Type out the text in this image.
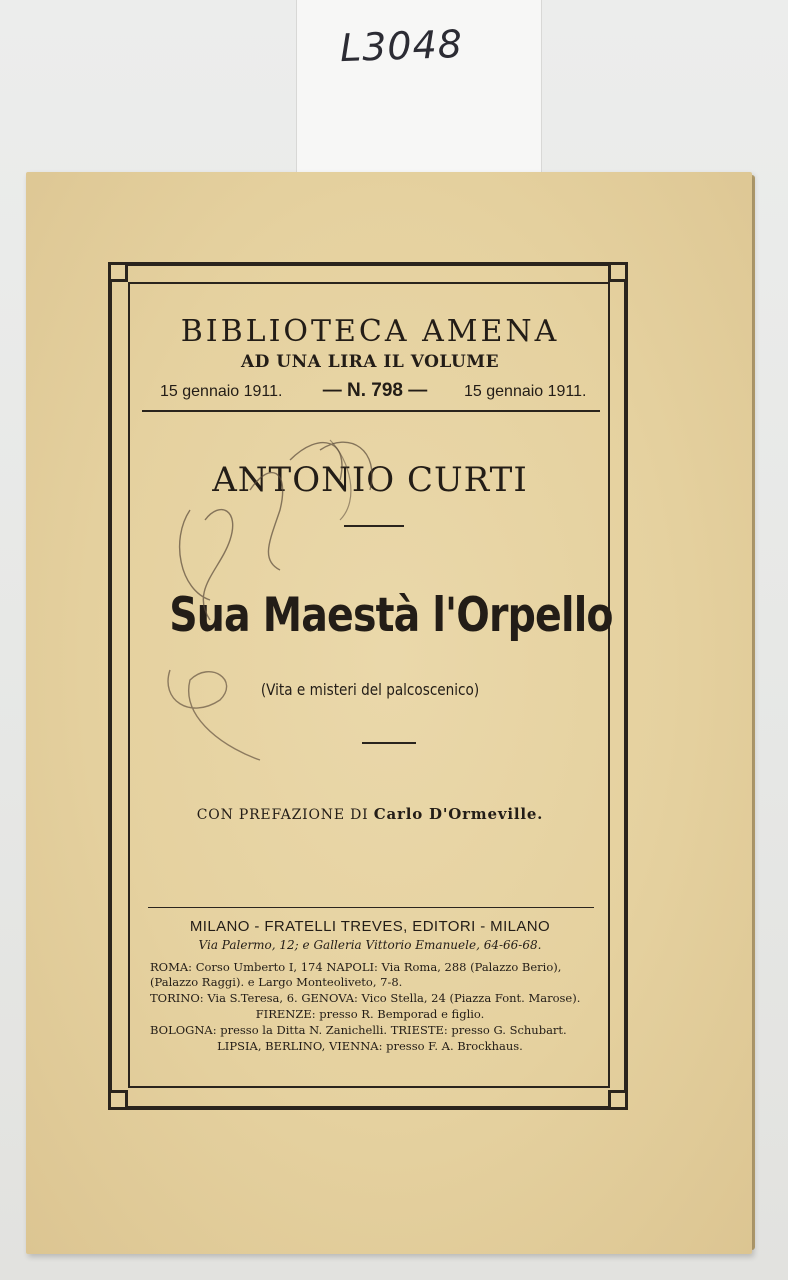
L3048
BIBLIOTECA AMENA
AD UNA LIRA IL VOLUME
15 gennaio 1911.	— N. 798 —	15 gennaio 1911.
ANTONIO CURTI
Sua Maestà l'Orpello
(Vita e misteri del palcoscenico)
CON PREFAZIONE DI Carlo D'Ormeville.
MILANO - FRATELLI TREVES, EDITORI - MILANO
Via Palermo, 12; e Galleria Vittorio Emanuele, 64-66-68.
ROMA: Corso Umberto I, 174 NAPOLI: Via Roma, 288 (Palazzo Berio),
(Palazzo Raggi). e Largo Monteoliveto, 7-8.
TORINO: Via S.Teresa, 6. GENOVA: Vico Stella, 24 (Piazza Font. Marose).
FIRENZE: presso R. Bemporad e figlio.
BOLOGNA: presso la Ditta N. Zanichelli. TRIESTE: presso G. Schubart.
LIPSIA, BERLINO, VIENNA: presso F. A. Brockhaus.
